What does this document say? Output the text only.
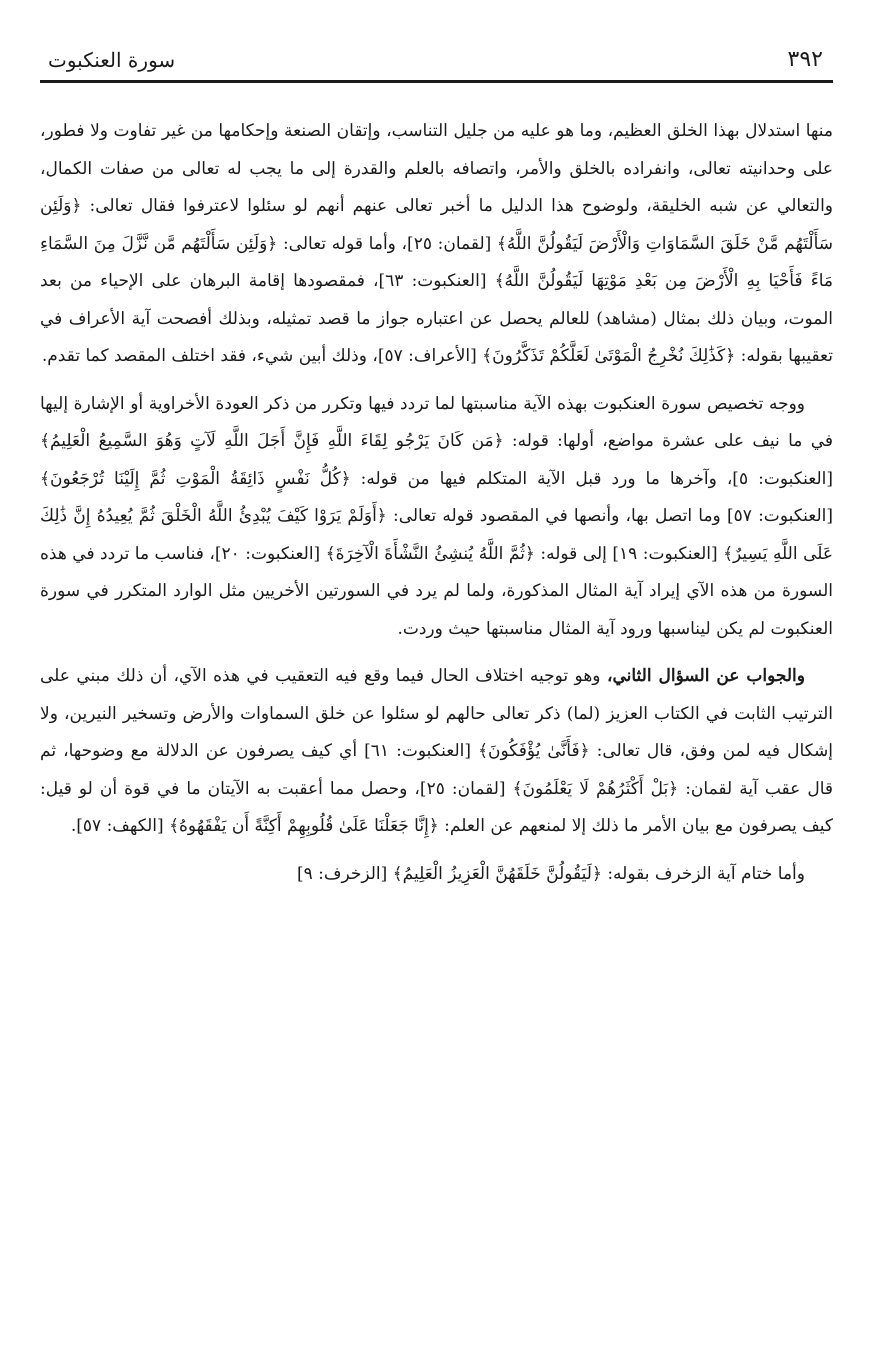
٣٩٢
سورة العنكبوت

منها استدلال بهذا الخلق العظيم، وما هو عليه من جليل التناسب، وإتقان الصنعة وإحكامها من غير تفاوت ولا فطور، على وحدانيته تعالى، وانفراده بالخلق والأمر، واتصافه بالعلم والقدرة إلى ما يجب له تعالى من صفات الكمال، والتعالي عن شبه الخليقة، ولوضوح هذا الدليل ما أخبر تعالى عنهم أنهم لو سئلوا لاعترفوا فقال تعالى: ﴿وَلَئِن سَأَلْتَهُم مَّنْ خَلَقَ السَّمَاوَاتِ وَالْأَرْضَ لَيَقُولُنَّ اللَّهُ﴾ [لقمان: ٢٥]، وأما قوله تعالى: ﴿وَلَئِن سَأَلْتَهُم مَّن نَّزَّلَ مِنَ السَّمَاءِ مَاءً فَأَحْيَا بِهِ الْأَرْضَ مِن بَعْدِ مَوْتِهَا لَيَقُولُنَّ اللَّهُ﴾ [العنكبوت: ٦٣]، فمقصودها إقامة البرهان على الإحياء من بعد الموت، وبيان ذلك بمثال (مشاهد) للعالم يحصل عن اعتباره جواز ما قصد تمثيله، وبذلك أفصحت آية الأعراف في تعقيبها بقوله: ﴿كَذَٰلِكَ نُخْرِجُ الْمَوْتَىٰ لَعَلَّكُمْ تَذَكَّرُونَ﴾ [الأعراف: ٥٧]، وذلك أبين شيء، فقد اختلف المقصد كما تقدم.

ووجه تخصيص سورة العنكبوت بهذه الآية مناسبتها لما تردد فيها وتكرر من ذكر العودة الأخراوية أو الإشارة إليها في ما نيف على عشرة مواضع، أولها: قوله: ﴿مَن كَانَ يَرْجُو لِقَاءَ اللَّهِ فَإِنَّ أَجَلَ اللَّهِ لَآتٍ وَهُوَ السَّمِيعُ الْعَلِيمُ﴾ [العنكبوت: ٥]، وآخرها ما ورد قبل الآية المتكلم فيها من قوله: ﴿كُلُّ نَفْسٍ ذَائِقَةُ الْمَوْتِ ثُمَّ إِلَيْنَا تُرْجَعُونَ﴾ [العنكبوت: ٥٧] وما اتصل بها، وأنصها في المقصود قوله تعالى: ﴿أَوَلَمْ يَرَوْا كَيْفَ يُبْدِئُ اللَّهُ الْخَلْقَ ثُمَّ يُعِيدُهُ إِنَّ ذَٰلِكَ عَلَى اللَّهِ يَسِيرٌ﴾ [العنكبوت: ١٩] إلى قوله: ﴿ثُمَّ اللَّهُ يُنشِئُ النَّشْأَةَ الْآخِرَةَ﴾ [العنكبوت: ٢٠]، فناسب ما تردد في هذه السورة من هذه الآي إيراد آية المثال المذكورة، ولما لم يرد في السورتين الأخريين مثل الوارد المتكرر في سورة العنكبوت لم يكن ليناسبها ورود آية المثال مناسبتها حيث وردت.

والجواب عن السؤال الثاني، وهو توجيه اختلاف الحال فيما وقع فيه التعقيب في هذه الآي، أن ذلك مبني على الترتيب الثابت في الكتاب العزيز (لما) ذكر تعالى حالهم لو سئلوا عن خلق السماوات والأرض وتسخير النيرين، ولا إشكال فيه لمن وفق، قال تعالى: ﴿فَأَنَّىٰ يُؤْفَكُونَ﴾ [العنكبوت: ٦١] أي كيف يصرفون عن الدلالة مع وضوحها، ثم قال عقب آية لقمان: ﴿بَلْ أَكْثَرُهُمْ لَا يَعْلَمُونَ﴾ [لقمان: ٢٥]، وحصل مما أعقبت به الآيتان ما في قوة أن لو قيل: كيف يصرفون مع بيان الأمر ما ذلك إلا لمنعهم عن العلم: ﴿إِنَّا جَعَلْنَا عَلَىٰ قُلُوبِهِمْ أَكِنَّةً أَن يَفْقَهُوهُ﴾ [الكهف: ٥٧].

وأما ختام آية الزخرف بقوله: ﴿لَيَقُولُنَّ خَلَقَهُنَّ الْعَزِيزُ الْعَلِيمُ﴾ [الزخرف: ٩]
